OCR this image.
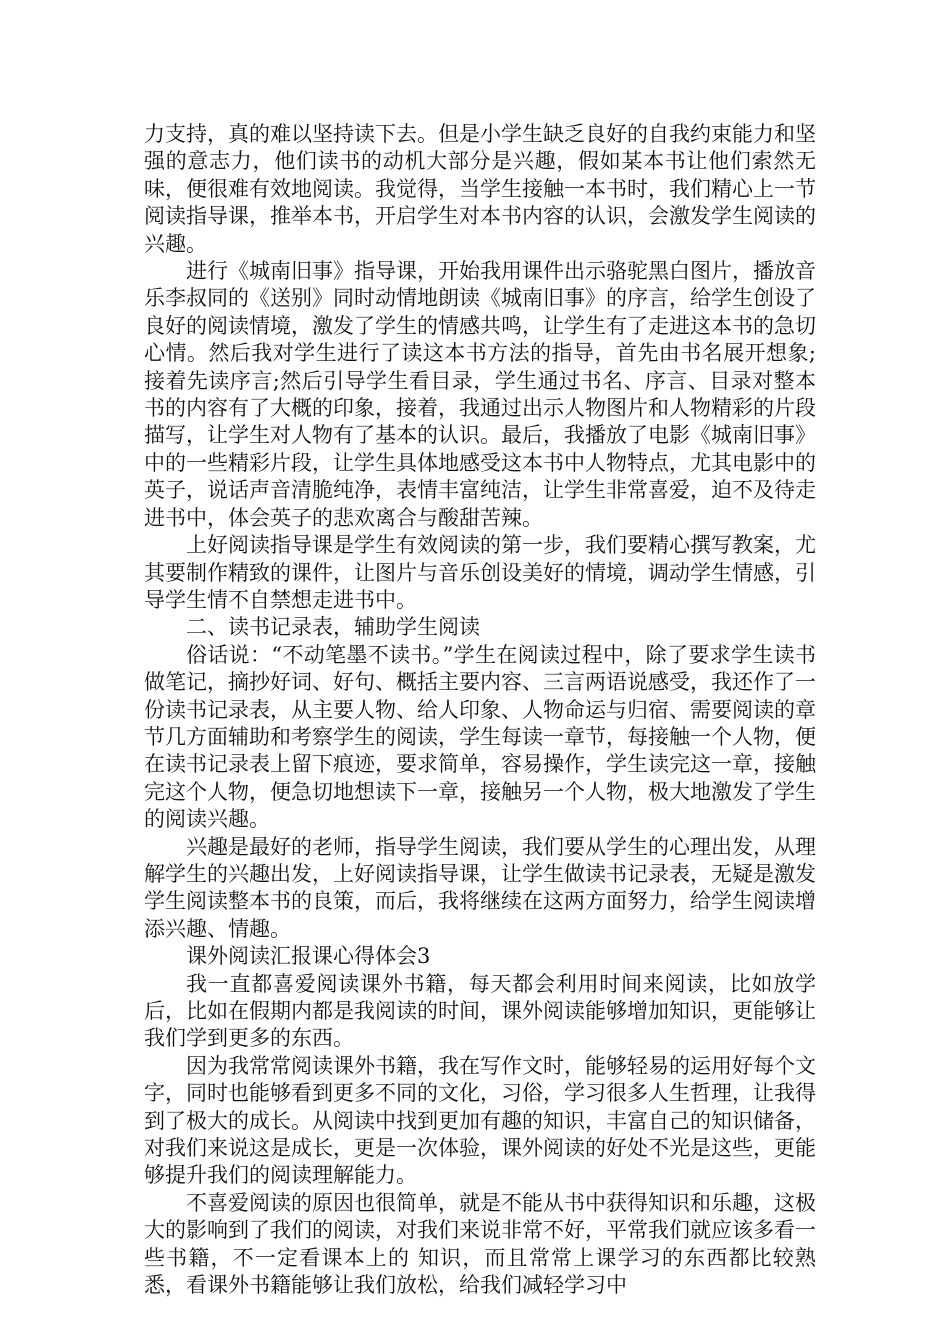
力支持，真的难以坚持读下去。但是小学生缺乏良好的自我约束能力和坚强的意志力，他们读书的动机大部分是兴趣，假如某本书让他们索然无味，便很难有效地阅读。我觉得，当学生接触一本书时，我们精心上一节阅读指导课，推举本书，开启学生对本书内容的认识，会激发学生阅读的兴趣。

进行《城南旧事》指导课，开始我用课件出示骆驼黑白图片，播放音乐李叔同的《送别》同时动情地朗读《城南旧事》的序言，给学生创设了良好的阅读情境，激发了学生的情感共鸣，让学生有了走进这本书的急切心情。然后我对学生进行了读这本书方法的指导，首先由书名展开想象;接着先读序言;然后引导学生看目录，学生通过书名、序言、目录对整本书的内容有了大概的印象，接着，我通过出示人物图片和人物精彩的片段描写，让学生对人物有了基本的认识。最后，我播放了电影《城南旧事》中的一些精彩片段，让学生具体地感受这本书中人物特点，尤其电影中的英子，说话声音清脆纯净，表情丰富纯洁，让学生非常喜爱，迫不及待走进书中，体会英子的悲欢离合与酸甜苦辣。

上好阅读指导课是学生有效阅读的第一步，我们要精心撰写教案，尤其要制作精致的课件，让图片与音乐创设美好的情境，调动学生情感，引导学生情不自禁想走进书中。

二、读书记录表，辅助学生阅读

俗话说：“不动笔墨不读书。”学生在阅读过程中，除了要求学生读书做笔记，摘抄好词、好句、概括主要内容、三言两语说感受，我还作了一份读书记录表，从主要人物、给人印象、人物命运与归宿、需要阅读的章节几方面辅助和考察学生的阅读，学生每读一章节，每接触一个人物，便在读书记录表上留下痕迹，要求简单，容易操作，学生读完这一章，接触完这个人物，便急切地想读下一章，接触另一个人物，极大地激发了学生的阅读兴趣。

兴趣是最好的老师，指导学生阅读，我们要从学生的心理出发，从理解学生的兴趣出发，上好阅读指导课，让学生做读书记录表，无疑是激发学生阅读整本书的良策，而后，我将继续在这两方面努力，给学生阅读增添兴趣、情趣。

课外阅读汇报课心得体会3

我一直都喜爱阅读课外书籍，每天都会利用时间来阅读，比如放学后，比如在假期内都是我阅读的时间，课外阅读能够增加知识，更能够让我们学到更多的东西。

因为我常常阅读课外书籍，我在写作文时，能够轻易的运用好每个文字，同时也能够看到更多不同的文化，习俗，学习很多人生哲理，让我得到了极大的成长。从阅读中找到更加有趣的知识，丰富自己的知识储备，对我们来说这是成长，更是一次体验，课外阅读的好处不光是这些，更能够提升我们的阅读理解能力。

不喜爱阅读的原因也很简单，就是不能从书中获得知识和乐趣，这极大的影响到了我们的阅读，对我们来说非常不好，平常我们就应该多看一些书籍，不一定看课本上的 知识，而且常常上课学习的东西都比较熟悉，看课外书籍能够让我们放松，给我们减轻学习中
